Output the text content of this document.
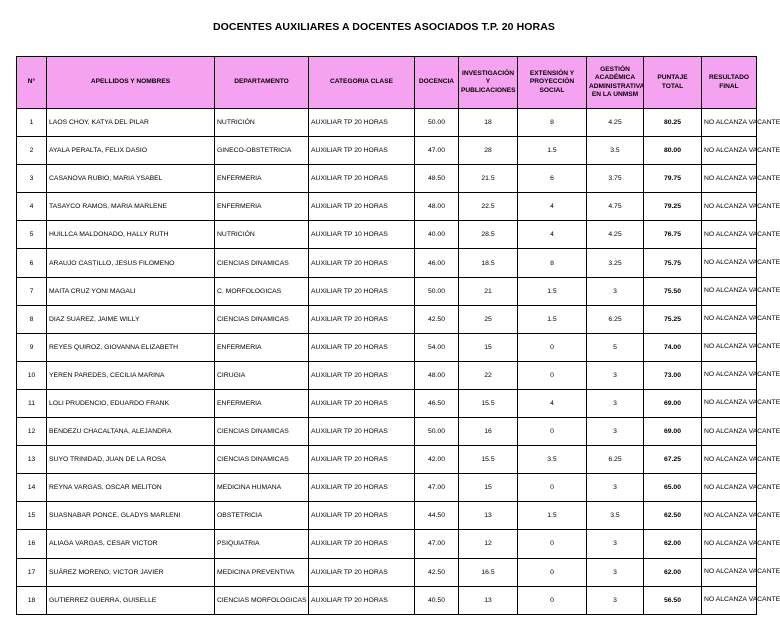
DOCENTES AUXILIARES A DOCENTES ASOCIADOS T.P. 20 HORAS
N°	APELLIDOS Y NOMBRES	DEPARTAMENTO	CATEGORIA CLASE	DOCENCIA	INVESTIGACIÓN Y PUBLICACIONES	EXTENSIÓN Y PROYECCIÓN SOCIAL	GESTIÓN ACADÉMICA ADMINISTRATIVA EN LA UNMSM	PUNTAJE TOTAL	RESULTADO FINAL
1	LAOS CHOY, KATYA DEL PILAR	NUTRICIÓN	AUXILIAR TP 20 HORAS	50.00	18	8	4.25	80.25	NO ALCANZA VACANTE
2	AYALA PERALTA, FELIX DASIO	GINECO-OBSTETRICIA	AUXILIAR TP 20 HORAS	47.00	28	1.5	3.5	80.00	NO ALCANZA VACANTE
3	CASANOVA RUBIO, MARIA YSABEL	ENFERMERIA	AUXILIAR TP 20 HORAS	48.50	21.5	6	3.75	79.75	NO ALCANZA VACANTE
4	TASAYCO RAMOS, MARIA MARLENE	ENFERMERIA	AUXILIAR TP 20 HORAS	48.00	22.5	4	4.75	79.25	NO ALCANZA VACANTE
5	HUILLCA MALDONADO, HALLY RUTH	NUTRICIÓN	AUXILIAR TP 10 HORAS	40.00	28.5	4	4.25	76.75	NO ALCANZA VACANTE
6	ARAUJO CASTILLO, JESUS FILOMENO	CIENCIAS DINAMICAS	AUXILIAR TP 20 HORAS	46.00	18.5	8	3.25	75.75	NO ALCANZA VACANTE
7	MAITA CRUZ YONI MAGALI	C. MORFOLOGICAS	AUXILIAR TP 20 HORAS	50.00	21	1.5	3	75.50	NO ALCANZA VACANTE
8	DIAZ SUAREZ, JAIME WILLY	CIENCIAS DINAMICAS	AUXILIAR TP 20 HORAS	42.50	25	1.5	6.25	75.25	NO ALCANZA VACANTE
9	REYES QUIROZ, GIOVANNA ELIZABETH	ENFERMERIA	AUXILIAR TP 20 HORAS	54.00	15	0	5	74.00	NO ALCANZA VACANTE
10	YEREN PAREDES, CECILIA MARINA	CIRUGIA	AUXILIAR TP 20 HORAS	48.00	22	0	3	73.00	NO ALCANZA VACANTE
11	LOLI PRUDENCIO, EDUARDO FRANK	ENFERMERIA	AUXILIAR TP 20 HORAS	46.50	15.5	4	3	69.00	NO ALCANZA VACANTE
12	BENDEZU CHACALTANA, ALEJANDRA	CIENCIAS DINAMICAS	AUXILIAR TP 20 HORAS	50.00	16	0	3	69.00	NO ALCANZA VACANTE
13	SUYO TRINIDAD, JUAN DE LA ROSA	CIENCIAS DINAMICAS	AUXILIAR TP 20 HORAS	42.00	15.5	3.5	6.25	67.25	NO ALCANZA VACANTE
14	REYNA VARGAS, OSCAR MELITON	MEDICINA HUMANA	AUXILIAR TP 20 HORAS	47.00	15	0	3	65.00	NO ALCANZA VACANTE
15	SUASNABAR PONCE, GLADYS MARLENI	OBSTETRICIA	AUXILIAR TP 20 HORAS	44.50	13	1.5	3.5	62.50	NO ALCANZA VACANTE
16	ALIAGA VARGAS, CESAR VICTOR	PSIQUIATRIA	AUXILIAR TP 20 HORAS	47.00	12	0	3	62.00	NO ALCANZA VACANTE
17	SUÁREZ MORENO, VICTOR JAVIER	MEDICINA PREVENTIVA	AUXILIAR TP 20 HORAS	42.50	16.5	0	3	62.00	NO ALCANZA VACANTE
18	GUTIERREZ GUERRA, GUISELLE	CIENCIAS MORFOLOGICAS	AUXILIAR TP 20 HORAS	40.50	13	0	3	56.50	NO ALCANZA VACANTE
